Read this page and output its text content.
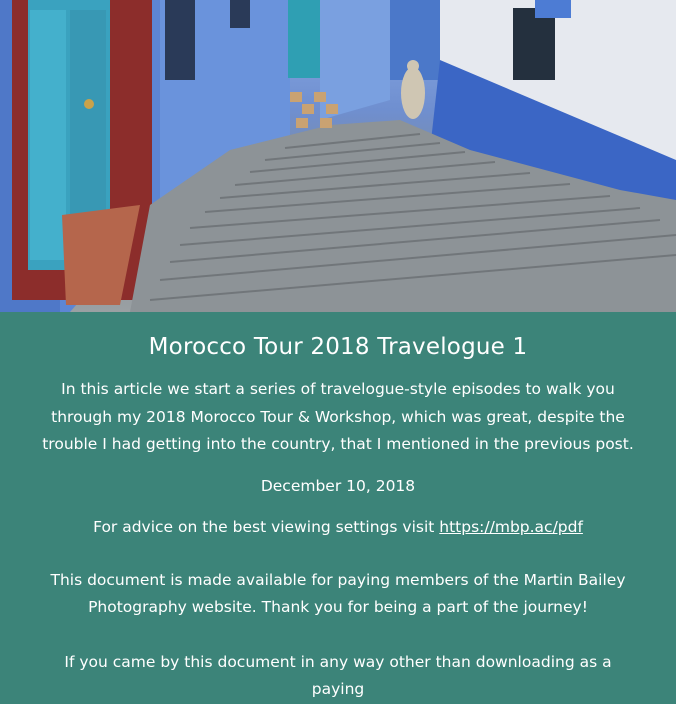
Morocco Tour 2018 Travelogue 1

In this article we start a series of travelogue-style episodes to walk you through my 2018 Morocco Tour & Workshop, which was great, despite the trouble I had getting into the country, that I mentioned in the previous post.

December 10, 2018

For advice on the best viewing settings visit https://mbp.ac/pdf

This document is made available for paying members of the Martin Bailey Photography website. Thank you for being a part of the journey!

If you came by this document in any way other than downloading as a paying
